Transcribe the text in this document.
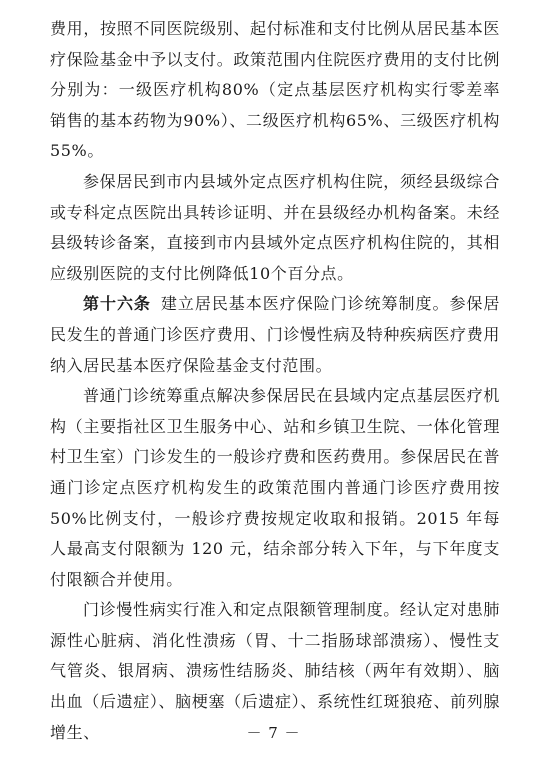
费用，按照不同医院级别、起付标准和支付比例从居民基本医疗保险基金中予以支付。政策范围内住院医疗费用的支付比例分别为：一级医疗机构80%（定点基层医疗机构实行零差率销售的基本药物为90%）、二级医疗机构65%、三级医疗机构55%。

参保居民到市内县域外定点医疗机构住院，须经县级综合或专科定点医院出具转诊证明、并在县级经办机构备案。未经县级转诊备案，直接到市内县域外定点医疗机构住院的，其相应级别医院的支付比例降低10个百分点。

第十六条 建立居民基本医疗保险门诊统筹制度。参保居民发生的普通门诊医疗费用、门诊慢性病及特种疾病医疗费用纳入居民基本医疗保险基金支付范围。

普通门诊统筹重点解决参保居民在县域内定点基层医疗机构（主要指社区卫生服务中心、站和乡镇卫生院、一体化管理村卫生室）门诊发生的一般诊疗费和医药费用。参保居民在普通门诊定点医疗机构发生的政策范围内普通门诊医疗费用按50%比例支付，一般诊疗费按规定收取和报销。2015 年每人最高支付限额为 120 元，结余部分转入下年，与下年度支付限额合并使用。

门诊慢性病实行准入和定点限额管理制度。经认定对患肺源性心脏病、消化性溃疡（胃、十二指肠球部溃疡）、慢性支气管炎、银屑病、溃疡性结肠炎、肺结核（两年有效期）、脑出血（后遗症）、脑梗塞（后遗症）、系统性红斑狼疮、前列腺增生、	－ 7 －
